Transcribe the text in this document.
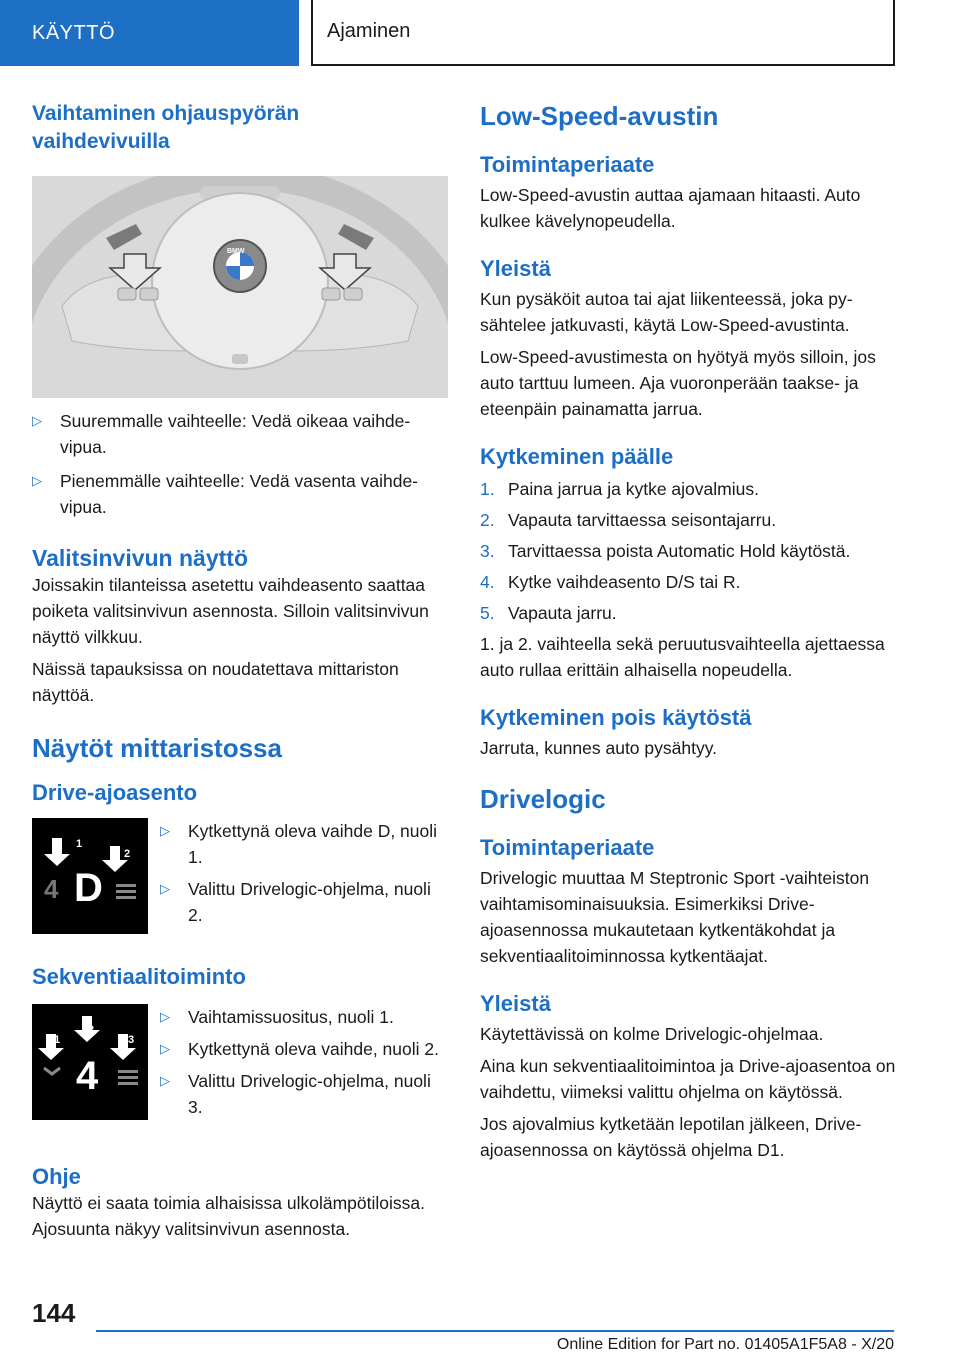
KÄYTTÖ	Ajaminen
Vaihtaminen ohjauspyörän vaihdevivuilla
BMW
▷ Suuremmalle vaihteelle: Vedä oikeaa vaihdevipua.
▷ Pienemmälle vaihteelle: Vedä vasenta vaihdevipua.
Valitsinvivun näyttö
Joissakin tilanteissa asetettu vaihdeasento saattaa poiketa valitsinvivun asennosta. Silloin valitsinvivun näyttö vilkkuu.
Näissä tapauksissa on noudatettava mittariston näyttöä.
Näytöt mittaristossa
Drive-ajoasento
1
2
4 D
▷ Kytkettynä oleva vaihde D, nuoli 1.
▷ Valittu Drivelogic-ohjelma, nuoli 2.
Sekventiaalitoiminto
1
2
3
4
▷ Vaihtamissuositus, nuoli 1.
▷ Kytkettynä oleva vaihde, nuoli 2.
▷ Valittu Drivelogic-ohjelma, nuoli 3.
Ohje
Näyttö ei saata toimia alhaisissa ulkolämpötiloissa. Ajosuunta näkyy valitsinvivun asennosta.
Low-Speed-avustin
Toimintaperiaate
Low-Speed-avustin auttaa ajamaan hitaasti. Auto kulkee kävelynopeudella.
Yleistä
Kun pysäköit autoa tai ajat liikenteessä, joka pysähtelee jatkuvasti, käytä Low-Speed-avustinta.
Low-Speed-avustimesta on hyötyä myös silloin, jos auto tarttuu lumeen. Aja vuoronperään taakse- ja eteenpäin painamatta jarrua.
Kytkeminen päälle
1. Paina jarrua ja kytke ajovalmius.
2. Vapauta tarvittaessa seisontajarru.
3. Tarvittaessa poista Automatic Hold käytöstä.
4. Kytke vaihdeasento D/S tai R.
5. Vapauta jarru.
1. ja 2. vaihteella sekä peruutusvaihteella ajettaessa auto rullaa erittäin alhaisella nopeudella.
Kytkeminen pois käytöstä
Jarruta, kunnes auto pysähtyy.
Drivelogic
Toimintaperiaate
Drivelogic muuttaa M Steptronic Sport -vaihteiston vaihtamisominaisuuksia. Esimerkiksi Drive-ajoasennossa mukautetaan kytkentäkohdat ja sekventiaalitoiminnossa kytkentäajat.
Yleistä
Käytettävissä on kolme Drivelogic-ohjelmaa.
Aina kun sekventiaalitoimintoa ja Drive-ajoasentoa on vaihdettu, viimeksi valittu ohjelma on käytössä.
Jos ajovalmius kytketään lepotilan jälkeen, Drive-ajoasennossa on käytössä ohjelma D1.
144
Online Edition for Part no. 01405A1F5A8 - X/20
